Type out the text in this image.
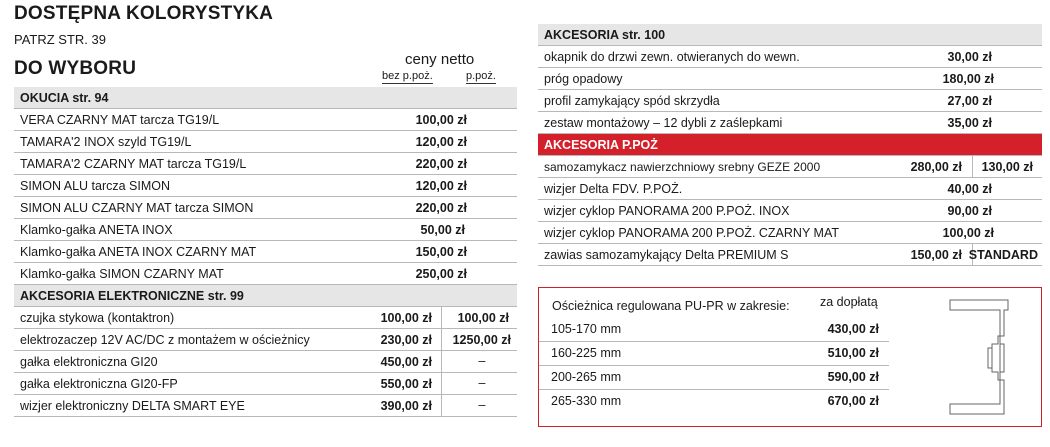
DOSTĘPNA KOLORYSTYKA
PATRZ STR. 39
DO WYBORU	ceny netto
bez p.poż.	p.poż.
OKUCIA str. 94
VERA CZARNY MAT tarcza TG19/L	100,00 zł
TAMARA'2 INOX szyld TG19/L	120,00 zł
TAMARA'2 CZARNY MAT tarcza TG19/L	220,00 zł
SIMON ALU tarcza SIMON	120,00 zł
SIMON ALU CZARNY MAT tarcza SIMON	220,00 zł
Klamko-gałka ANETA INOX	50,00 zł
Klamko-gałka ANETA INOX CZARNY MAT	150,00 zł
Klamko-gałka SIMON CZARNY MAT	250,00 zł
AKCESORIA ELEKTRONICZNE str. 99
czujka stykowa (kontaktron)	100,00 zł 100,00 zł
elektrozaczep 12V AC/DC z montażem w ościeżnicy	230,00 zł 1250,00 zł
gałka elektroniczna GI20	450,00 zł	–
gałka elektroniczna GI20-FP	550,00 zł	–
wizjer elektroniczny DELTA SMART EYE	390,00 zł	–
AKCESORIA str. 100
okapnik do drzwi zewn. otwieranych do wewn.	30,00 zł
próg opadowy	180,00 zł
profil zamykający spód skrzydła	27,00 zł
zestaw montażowy – 12 dybli z zaślepkami	35,00 zł
AKCESORIA P.POŻ
samozamykacz nawierzchniowy srebny GEZE 2000	280,00 zł 130,00 zł
wizjer Delta FDV. P.POŻ.	40,00 zł
wizjer cyklop PANORAMA 200 P.POŻ. INOX	90,00 zł
wizjer cyklop PANORAMA 200 P.POŻ. CZARNY MAT	100,00 zł
zawias samozamykający Delta PREMIUM S	150,00 zł STANDARD
Ościeżnica regulowana PU-PR w zakresie: za dopłatą
105-170 mm	430,00 zł
160-225 mm	510,00 zł
200-265 mm	590,00 zł
265-330 mm	670,00 zł
